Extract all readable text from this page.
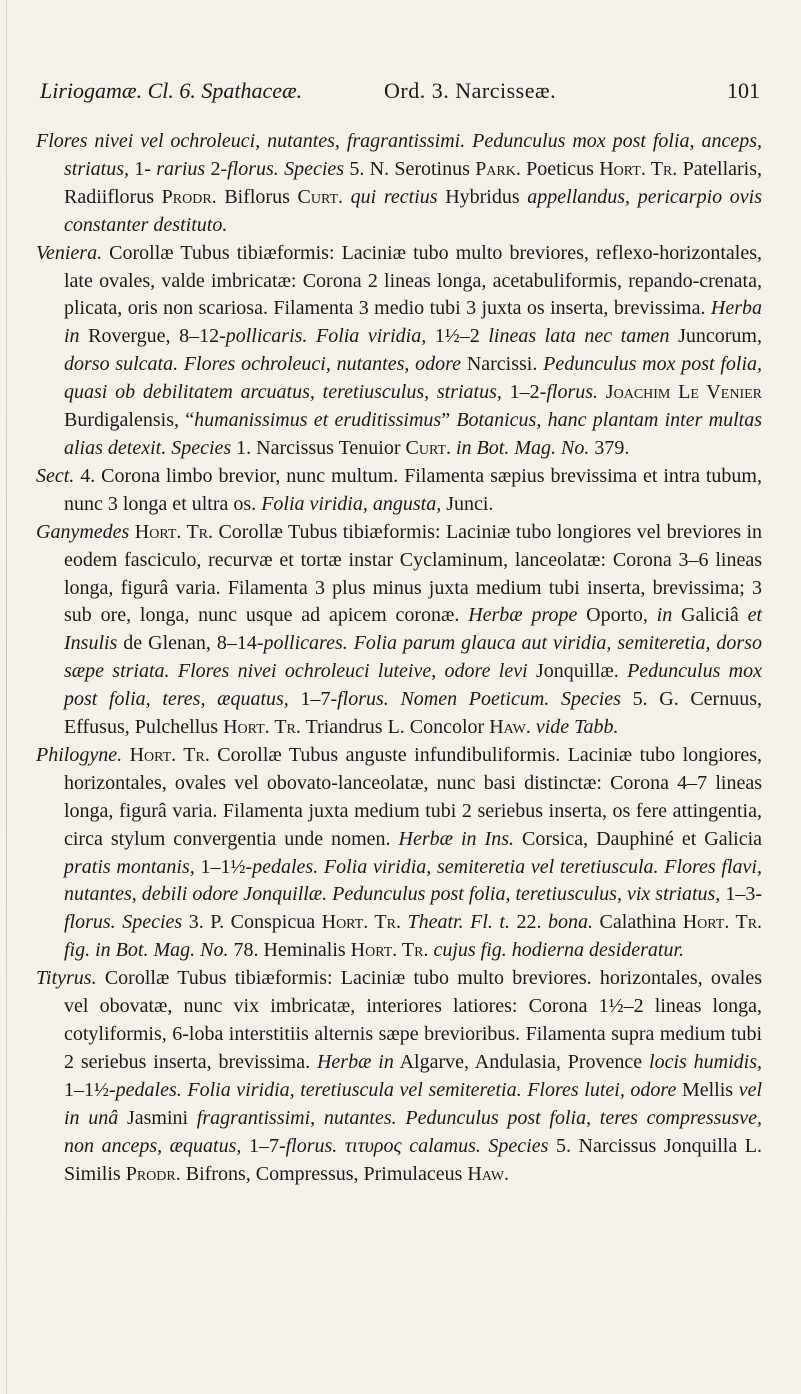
Liriogamæ. Cl. 6. Spathaceæ.	Ord. 3. Narcisseæ.	101

Flores nivei vel ochroleuci, nutantes, fragrantissimi. Pedunculus mox post folia, anceps, striatus, 1- rarius 2-florus. Species 5. N. Serotinus Park. Poeticus Hort. Tr. Patellaris, Radiiflorus Prodr. Biflorus Curt. qui rectius Hybridus appellandus, pericarpio ovis constanter destituto.

Veniera. Corollæ Tubus tibiæformis: Laciniæ tubo multo breviores, reflexo-horizontales, late ovales, valde imbricatæ: Corona 2 lineas longa, acetabuliformis, repando-crenata, plicata, oris non scariosa. Filamenta 3 medio tubi 3 juxta os inserta, brevissima. Herba in Rovergue, 8–12-pollicaris. Folia viridia, 1½–2 lineas lata nec tamen Juncorum, dorso sulcata. Flores ochroleuci, nutantes, odore Narcissi. Pedunculus mox post folia, quasi ob debilitatem arcuatus, teretiusculus, striatus, 1–2-florus. Joachim Le Venier Burdigalensis, “humanissimus et eruditissimus” Botanicus, hanc plantam inter multas alias detexit. Species 1. Narcissus Tenuior Curt. in Bot. Mag. No. 379.

Sect. 4. Corona limbo brevior, nunc multum. Filamenta sæpius brevissima et intra tubum, nunc 3 longa et ultra os. Folia viridia, angusta, Junci.

Ganymedes Hort. Tr. Corollæ Tubus tibiæformis: Laciniæ tubo longiores vel breviores in eodem fasciculo, recurvæ et tortæ instar Cyclaminum, lanceolatæ: Corona 3–6 lineas longa, figurâ varia. Filamenta 3 plus minus juxta medium tubi inserta, brevissima; 3 sub ore, longa, nunc usque ad apicem coronæ. Herbæ prope Oporto, in Galiciâ et Insulis de Glenan, 8–14-pollicares. Folia parum glauca aut viridia, semiteretia, dorso sæpe striata. Flores nivei ochroleuci luteive, odore levi Jonquillæ. Pedunculus mox post folia, teres, æquatus, 1–7-florus. Nomen Poeticum. Species 5. G. Cernuus, Effusus, Pulchellus Hort. Tr. Triandrus L. Concolor Haw. vide Tabb.

Philogyne. Hort. Tr. Corollæ Tubus anguste infundibuliformis. Laciniæ tubo longiores, horizontales, ovales vel obovato-lanceolatæ, nunc basi distinctæ: Corona 4–7 lineas longa, figurâ varia. Filamenta juxta medium tubi 2 seriebus inserta, os fere attingentia, circa stylum convergentia unde nomen. Herbæ in Ins. Corsica, Dauphiné et Galicia pratis montanis, 1–1½-pedales. Folia viridia, semiteretia vel teretiuscula. Flores flavi, nutantes, debili odore Jonquillæ. Pedunculus post folia, teretiusculus, vix striatus, 1–3-florus. Species 3. P. Conspicua Hort. Tr. Theatr. Fl. t. 22. bona. Calathina Hort. Tr. fig. in Bot. Mag. No. 78. Heminalis Hort. Tr. cujus fig. hodierna desideratur.

Tityrus. Corollæ Tubus tibiæformis: Laciniæ tubo multo breviores. horizontales, ovales vel obovatæ, nunc vix imbricatæ, interiores latiores: Corona 1½–2 lineas longa, cotyliformis, 6-loba interstitiis alternis sæpe brevioribus. Filamenta supra medium tubi 2 seriebus inserta, brevissima. Herbæ in Algarve, Andulasia, Provence locis humidis, 1–1½-pedales. Folia viridia, teretiuscula vel semiteretia. Flores lutei, odore Mellis vel in unâ Jasmini fragrantissimi, nutantes. Pedunculus post folia, teres compressusve, non anceps, æquatus, 1–7-florus. τιτυρος calamus. Species 5. Narcissus Jonquilla L. Similis Prodr. Bifrons, Compressus, Primulaceus Haw.
